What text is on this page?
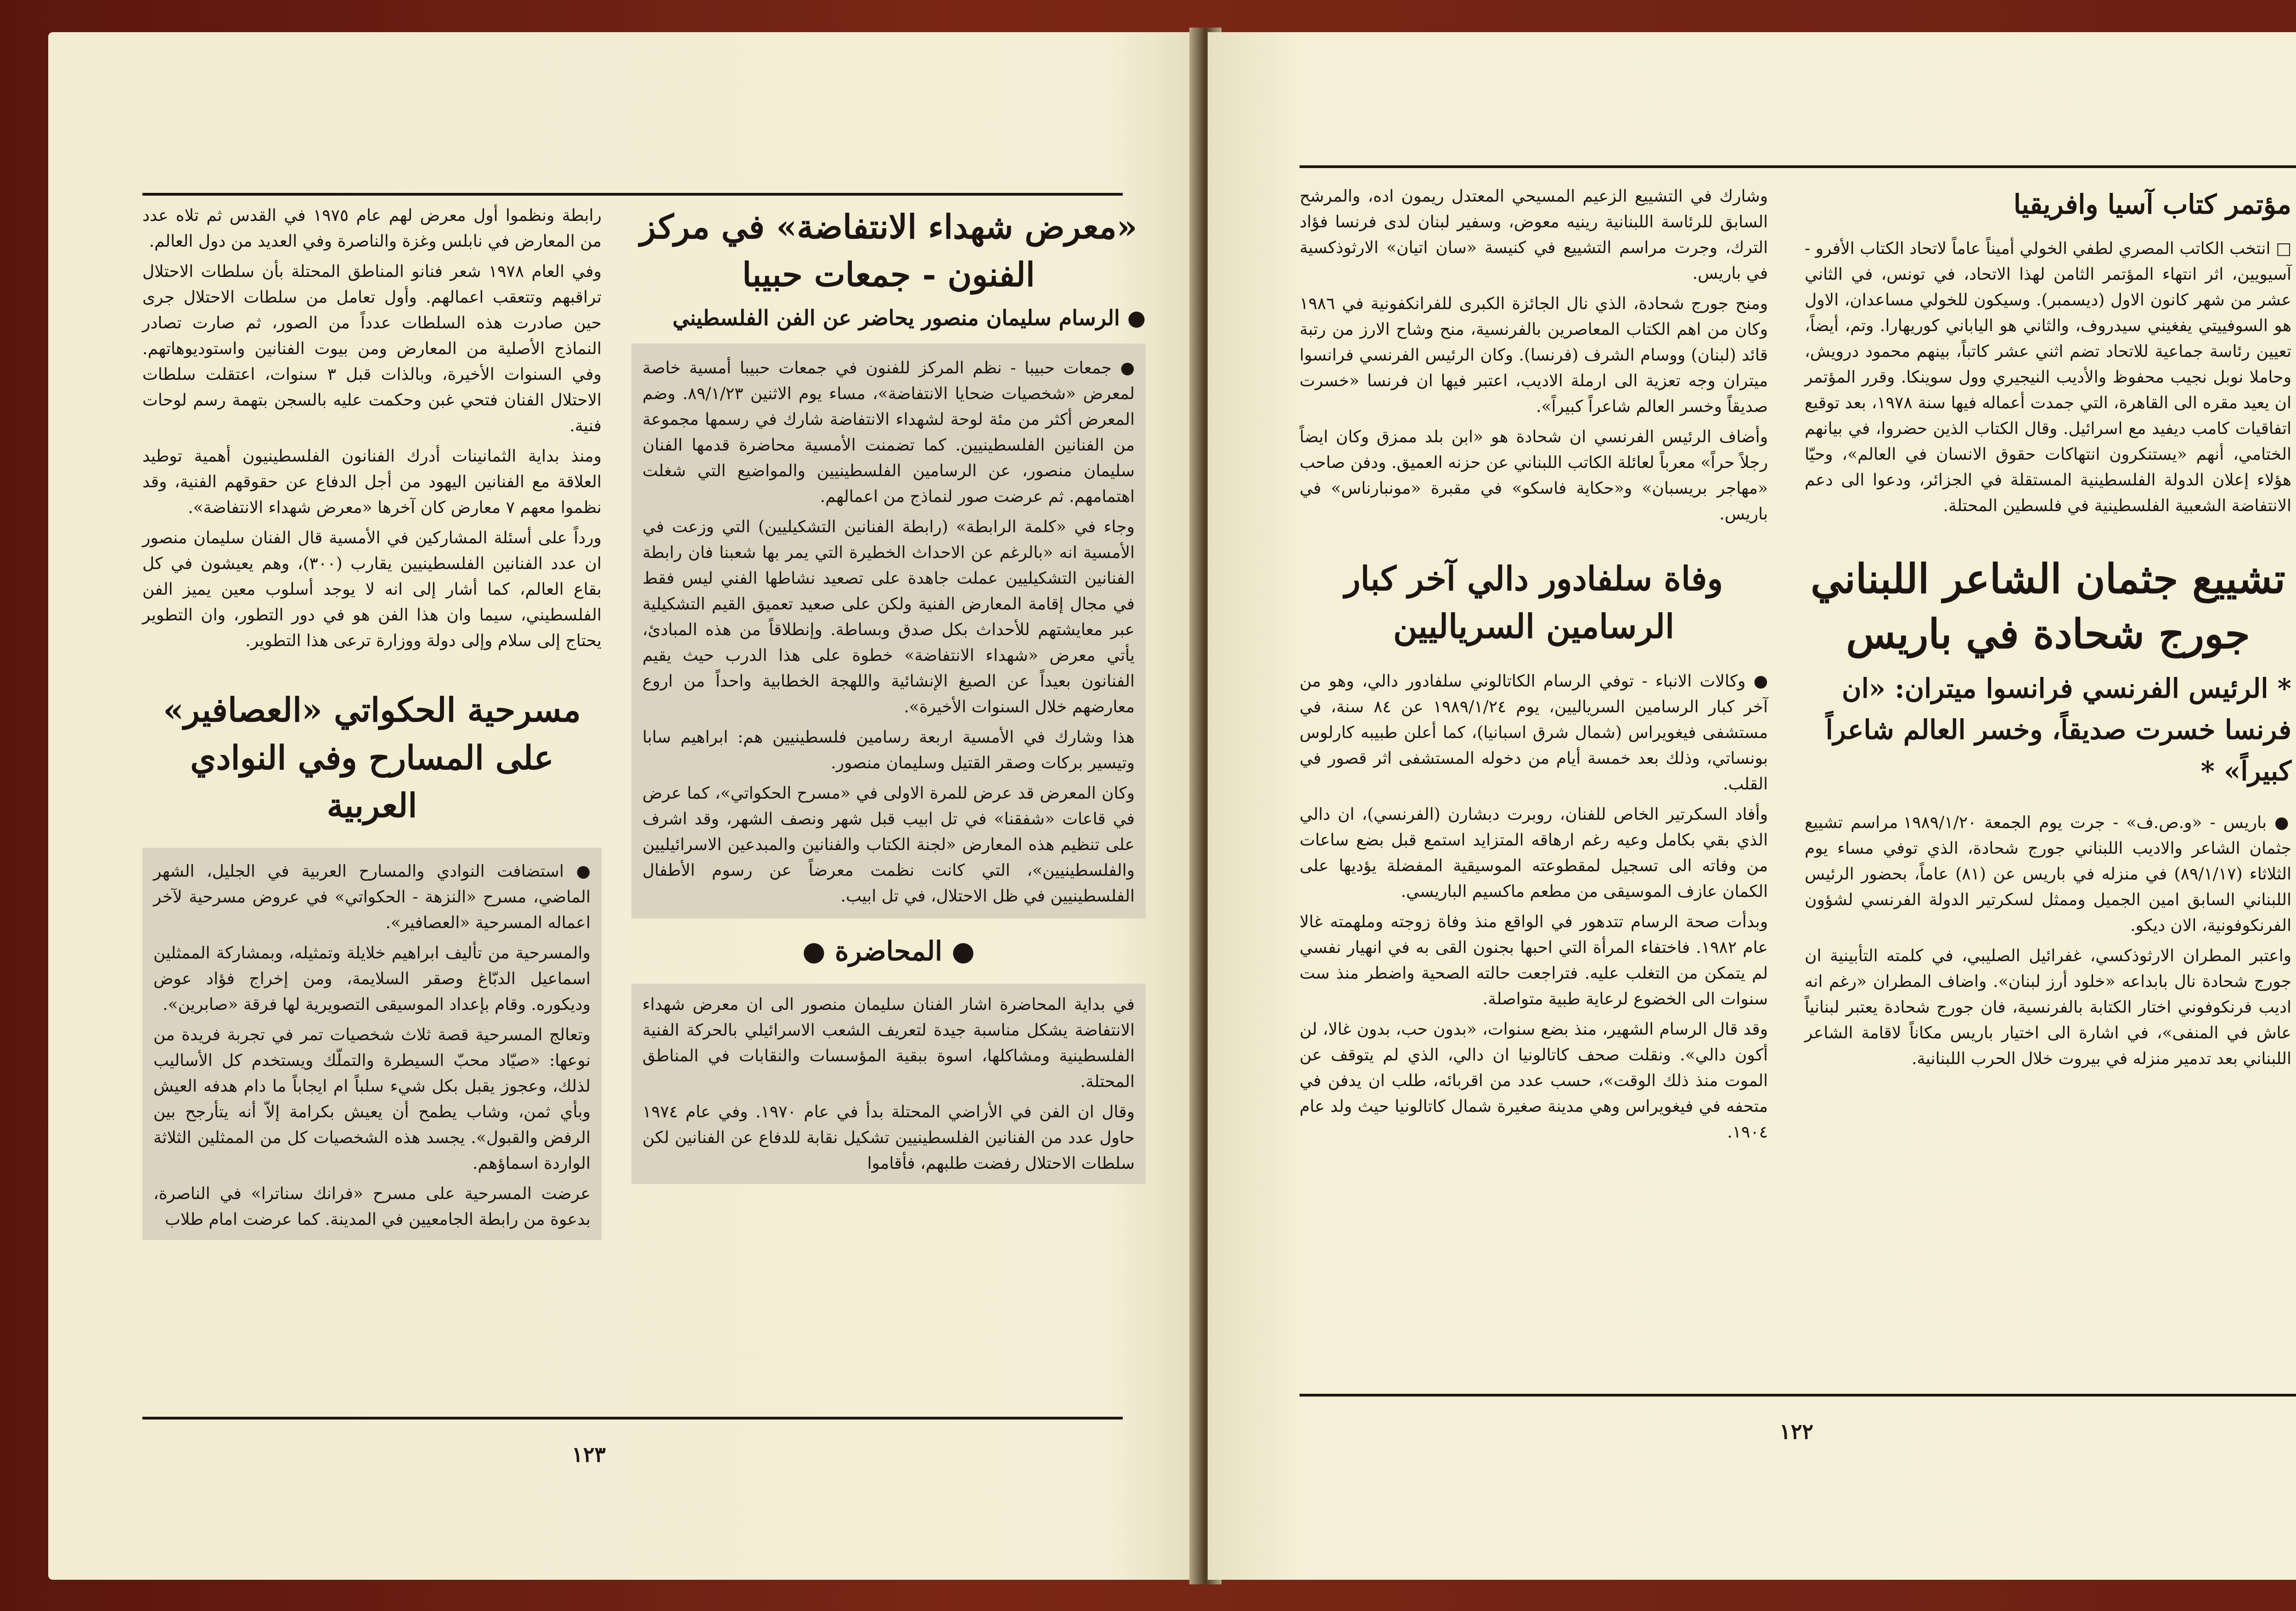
«معرض شهداء الانتفاضة» في مركز الفنون - جمعات حبيبا
● الرسام سليمان منصور يحاضر عن الفن الفلسطيني

● جمعات حبيبا - نظم المركز للفنون في جمعات حبيبا أمسية خاصة لمعرض «شخصيات ضحايا الانتفاضة»، مساء يوم الاثنين ٨٩/١/٢٣. وضم المعرض أكثر من مئة لوحة لشهداء الانتفاضة شارك في رسمها مجموعة من الفنانين الفلسطينيين. كما تضمنت الأمسية محاضرة قدمها الفنان سليمان منصور، عن الرسامين الفلسطينيين والمواضيع التي شغلت اهتمامهم. ثم عرضت صور لنماذج من اعمالهم.

وجاء في «كلمة الرابطة» (رابطة الفنانين التشكيليين) التي وزعت في الأمسية انه «بالرغم عن الاحداث الخطيرة التي يمر بها شعبنا فان رابطة الفنانين التشكيليين عملت جاهدة على تصعيد نشاطها الفني ليس فقط في مجال إقامة المعارض الفنية ولكن على صعيد تعميق القيم التشكيلية عبر معايشتهم للأحداث بكل صدق وبساطة. وإنطلاقاً من هذه المبادئ، يأتي معرض «شهداء الانتفاضة» خطوة على هذا الدرب حيث يقيم الفنانون بعيداً عن الصيغ الإنشائية واللهجة الخطابية واحداً من اروع معارضهم خلال السنوات الأخيرة».

هذا وشارك في الأمسية اربعة رسامين فلسطينيين هم: ابراهيم سابا وتيسير بركات وصقر القتيل وسليمان منصور.

وكان المعرض قد عرض للمرة الاولى في «مسرح الحكواتي»، كما عرض في قاعات «شفقنا» في تل ابيب قبل شهر ونصف الشهر، وقد اشرف على تنظيم هذه المعارض «لجنة الكتاب والفنانين والمبدعين الاسرائيليين والفلسطينيين»، التي كانت نظمت معرضاً عن رسوم الأطفال الفلسطينيين في ظل الاحتلال، في تل ابيب.

● المحاضرة ●

في بداية المحاضرة اشار الفنان سليمان منصور الى ان معرض شهداء الانتفاضة يشكل مناسبة جيدة لتعريف الشعب الاسرائيلي بالحركة الفنية الفلسطينية ومشاكلها، اسوة ببقية المؤسسات والنقابات في المناطق المحتلة.

وقال ان الفن في الأراضي المحتلة بدأ في عام ١٩٧٠. وفي عام ١٩٧٤ حاول عدد من الفنانين الفلسطينيين تشكيل نقابة للدفاع عن الفنانين لكن سلطات الاحتلال رفضت طلبهم، فأقاموا

رابطة ونظموا أول معرض لهم عام ١٩٧٥ في القدس ثم تلاه عدد من المعارض في نابلس وغزة والناصرة وفي العديد من دول العالم.

وفي العام ١٩٧٨ شعر فنانو المناطق المحتلة بأن سلطات الاحتلال تراقبهم وتتعقب اعمالهم. وأول تعامل من سلطات الاحتلال جرى حين صادرت هذه السلطات عدداً من الصور، ثم صارت تصادر النماذج الأصلية من المعارض ومن بيوت الفنانين واستوديوهاتهم. وفي السنوات الأخيرة، وبالذات قبل ٣ سنوات، اعتقلت سلطات الاحتلال الفنان فتحي غبن وحكمت عليه بالسجن بتهمة رسم لوحات فنية.

ومنذ بداية الثمانينات أدرك الفنانون الفلسطينيون أهمية توطيد العلاقة مع الفنانين اليهود من أجل الدفاع عن حقوقهم الفنية، وقد نظموا معهم ٧ معارض كان آخرها «معرض شهداء الانتفاضة».

ورداً على أسئلة المشاركين في الأمسية قال الفنان سليمان منصور ان عدد الفنانين الفلسطينيين يقارب (٣٠٠)، وهم يعيشون في كل بقاع العالم، كما أشار إلى انه لا يوجد أسلوب معين يميز الفن الفلسطيني، سيما وان هذا الفن هو في دور التطور، وان التطوير يحتاج إلى سلام وإلى دولة ووزارة ترعى هذا التطوير.

مسرحية الحكواتي «العصافير» على المسارح وفي النوادي العربية

● استضافت النوادي والمسارح العربية في الجليل، الشهر الماضي، مسرح «النزهة - الحكواتي» في عروض مسرحية لآخر اعماله المسرحية «العصافير».

والمسرحية من تأليف ابراهيم خلايلة وتمثيله، وبمشاركة الممثلين اسماعيل الدبّاغ وصقر السلايمة، ومن إخراج فؤاد عوض وديكوره. وقام بإعداد الموسيقى التصويرية لها فرقة «صابرين».

وتعالج المسرحية قصة ثلاث شخصيات تمر في تجربة فريدة من نوعها: «صيّاد محبّ السيطرة والتملّك ويستخدم كل الأساليب لذلك، وعجوز يقبل بكل شيء سلباً ام ايجاباً ما دام هدفه العيش وبأي ثمن، وشاب يطمح أن يعيش بكرامة إلاّ أنه يتأرجح بين الرفض والقبول». يجسد هذه الشخصيات كل من الممثلين الثلاثة الواردة اسماؤهم.

عرضت المسرحية على مسرح «فرانك سناترا» في الناصرة، بدعوة من رابطة الجامعيين في المدينة. كما عرضت امام طلاب

١٢٣
مؤتمر كتاب آسيا وافريقيا

□ انتخب الكاتب المصري لطفي الخولي أميناً عاماً لاتحاد الكتاب الأفرو - آسيويين، اثر انتهاء المؤتمر الثامن لهذا الاتحاد، في تونس، في الثاني عشر من شهر كانون الاول (ديسمبر). وسيكون للخولي مساعدان، الاول هو السوفييتي يفغيني سيدروف، والثاني هو الياباني كوريهارا. وتم، أيضاً، تعيين رئاسة جماعية للاتحاد تضم اثني عشر كاتباً، بينهم محمود درويش، وحاملا نوبل نجيب محفوظ والأديب النيجيري وول سوينكا. وقرر المؤتمر ان يعيد مقره الى القاهرة، التي جمدت أعماله فيها سنة ١٩٧٨، بعد توقيع اتفاقيات كامب ديفيد مع اسرائيل. وقال الكتاب الذين حضروا، في بيانهم الختامي، أنهم «يستنكرون انتهاكات حقوق الانسان في العالم»، وحيّا هؤلاء إعلان الدولة الفلسطينية المستقلة في الجزائر، ودعوا الى دعم الانتفاضة الشعبية الفلسطينية في فلسطين المحتلة.

تشييع جثمان الشاعر اللبناني جورج شحادة في باريس
* الرئيس الفرنسي فرانسوا ميتران: «ان فرنسا خسرت صديقاً، وخسر العالم شاعراً كبيراً» *

● باريس - «و.ص.ف» - جرت يوم الجمعة ١٩٨٩/١/٢٠ مراسم تشييع جثمان الشاعر والاديب اللبناني جورج شحادة، الذي توفي مساء يوم الثلاثاء (٨٩/١/١٧) في منزله في باريس عن (٨١) عاماً، بحضور الرئيس اللبناني السابق امين الجميل وممثل لسكرتير الدولة الفرنسي لشؤون الفرنكوفونية، الان ديكو.

واعتبر المطران الارثوذكسي، غفرائيل الصليبي، في كلمته التأبينية ان جورج شحادة نال بابداعه «خلود أرز لبنان». واضاف المطران «رغم انه اديب فرنكوفوني اختار الكتابة بالفرنسية، فان جورج شحادة يعتبر لبنانياً عاش في المنفى»، في اشارة الى اختيار باريس مكاناً لاقامة الشاعر اللبناني بعد تدمير منزله في بيروت خلال الحرب اللبنانية.

وشارك في التشييع الزعيم المسيحي المعتدل ريمون اده، والمرشح السابق للرئاسة اللبنانية رينيه معوض، وسفير لبنان لدى فرنسا فؤاد الترك، وجرت مراسم التشييع في كنيسة «سان اتيان» الارثوذكسية في باريس.

ومنح جورج شحادة، الذي نال الجائزة الكبرى للفرانكفونية في ١٩٨٦ وكان من اهم الكتاب المعاصرين بالفرنسية، منح وشاح الارز من رتبة قائد (لبنان) ووسام الشرف (فرنسا). وكان الرئيس الفرنسي فرانسوا ميتران وجه تعزية الى ارملة الاديب، اعتبر فيها ان فرنسا «خسرت صديقاً وخسر العالم شاعراً كبيراً».

وأضاف الرئيس الفرنسي ان شحادة هو «ابن بلد ممزق وكان ايضاً رجلاً حراً» معرباً لعائلة الكاتب اللبناني عن حزنه العميق. ودفن صاحب «مهاجر بريسبان» و«حكاية فاسكو» في مقبرة «مونبارناس» في باريس.

وفاة سلفادور دالي آخر كبار الرسامين السرياليين

● وكالات الانباء - توفي الرسام الكاتالوني سلفادور دالي، وهو من آخر كبار الرسامين السرياليين، يوم ١٩٨٩/١/٢٤ عن ٨٤ سنة، في مستشفى فيغويراس (شمال شرق اسبانيا)، كما أعلن طبيبه كارلوس بونساتي، وذلك بعد خمسة أيام من دخوله المستشفى اثر قصور في القلب.

وأفاد السكرتير الخاص للفنان، روبرت دبشارن (الفرنسي)، ان دالي الذي بقي بكامل وعيه رغم ارهاقه المتزايد استمع قبل بضع ساعات من وفاته الى تسجيل لمقطوعته الموسيقية المفضلة يؤديها على الكمان عازف الموسيقى من مطعم ماكسيم الباريسي.

وبدأت صحة الرسام تتدهور في الواقع منذ وفاة زوجته وملهمته غالا عام ١٩٨٢. فاختفاء المرأة التي احبها بجنون القى به في انهيار نفسي لم يتمكن من التغلب عليه. فتراجعت حالته الصحية واضطر منذ ست سنوات الى الخضوع لرعاية طبية متواصلة.

وقد قال الرسام الشهير، منذ بضع سنوات، «بدون حب، بدون غالا، لن أكون دالي». ونقلت صحف كاتالونيا ان دالي، الذي لم يتوقف عن الموت منذ ذلك الوقت»، حسب عدد من اقربائه، طلب ان يدفن في متحفه في فيغويراس وهي مدينة صغيرة شمال كاتالونيا حيث ولد عام ١٩٠٤.

١٢٢
